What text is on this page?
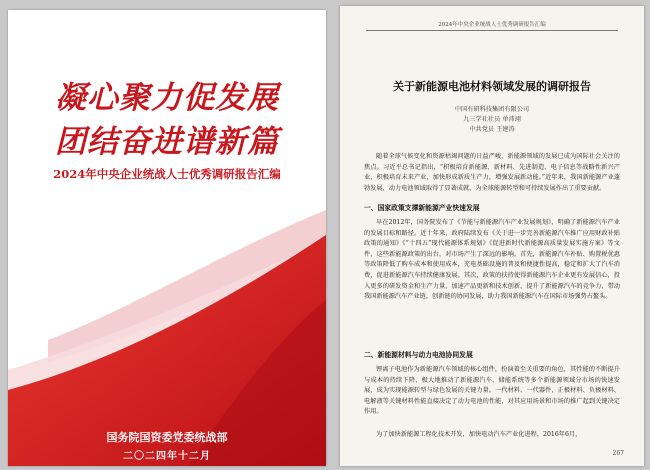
凝心聚力促发展
团结奋进谱新篇
2024年中央企业统战人士优秀调研报告汇编
国务院国资委党委统战部
二〇二四年十二月
2024年中央企业统战人士优秀调研报告汇编
关于新能源电池材料领域发展的调研报告
中国有研科技集团有限公司
九三学社社员 单沛翊
中共党员 王建涛

随着全球气候变化和资源枯竭问题的日益严峻，新能源领域的发展已成为国际社会关注的焦点。习近平总书记指出，“积极培育新能源、新材料、先进制造、电子信息等战略性新兴产业，积极培育未来产业，加快形成新质生产力，增强发展新动能。”近年来，我国新能源产业蓬勃发展，动力电池领域取得了显著成就，为全球能源转型和可持续发展作出了重要贡献。

一、国家政策支撑新能源产业快速发展

早在2012年，国务院发布了《节能与新能源汽车产业发展规划》，明确了新能源汽车产业的发展目标和路径。近十年来，政府陆续发布《关于进一步完善新能源汽车推广应用财政补贴政策的通知》《“十四五”现代能源体系规划》《促进新时代新能源高质量发展实施方案》等文件，这些新能源政策的出台，对市场产生了深远的影响。首先，新能源汽车补贴、购置税优惠等政策降低了购车成本和使用成本，充电基础设施的普及和便捷性提高，稳定和扩大了汽车消费，促进新能源汽车持续健康发展。其次，政策的扶持使得新能源汽车企业更有发展信心，投入更多的研发资金和生产力量，加速产品更新和技术创新，提升了新能源汽车的竞争力，带动我国新能源汽车产业链，创新链的协同发展，助力我国新能源汽车在国际市场强势占鳌头。

二、新能源材料与动力电池协同发展

锂离子电池作为新能源汽车领域的核心组件，扮演着至关重要的角色，其性能的不断提升与成本的持续下降，极大地推动了新能源汽车、储能系统等多个新能源领域分市场的快速发展，成为实现能源转型与绿色发展的关键力量。一代材料、一代器件，正极材料、负极材料、电解液等关键材料性能直接决定了动力电池的性能，对其应用场景和市场的推广起到关键决定作用。

为了加快新能源工程化技术开发，加快电动汽车产业化进程，2016年6月，

267
